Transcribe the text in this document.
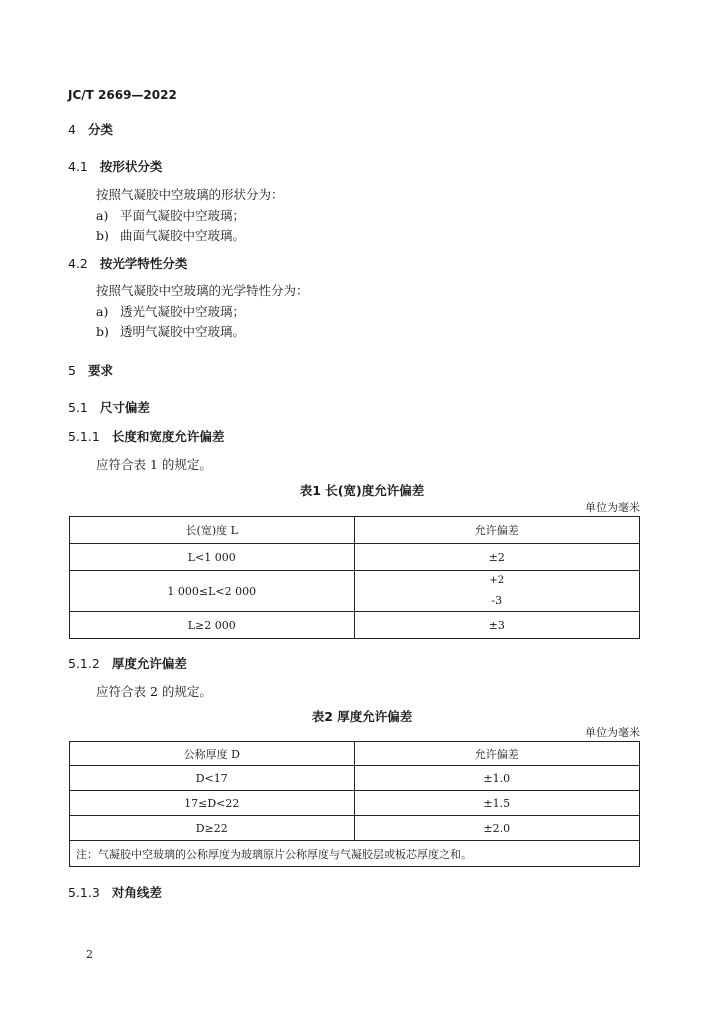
JC/T 2669—2022
4 分类
4.1 按形状分类
按照气凝胶中空玻璃的形状分为：
a) 平面气凝胶中空玻璃；
b) 曲面气凝胶中空玻璃。
4.2 按光学特性分类
按照气凝胶中空玻璃的光学特性分为：
a) 透光气凝胶中空玻璃；
b) 透明气凝胶中空玻璃。
5 要求
5.1 尺寸偏差
5.1.1 长度和宽度允许偏差
应符合表 1 的规定。
表1 长(宽)度允许偏差
单位为毫米
长(宽)度 L	允许偏差
L<1 000	±2
1 000≤L<2 000	+2
-3

L≥2 000	±3
5.1.2 厚度允许偏差
应符合表 2 的规定。
表2 厚度允许偏差
单位为毫米
公称厚度 D	允许偏差
D<17	±1.0
17≤D<22	±1.5
D≥22	±2.0
注：气凝胶中空玻璃的公称厚度为玻璃原片公称厚度与气凝胶层或板芯厚度之和。	
5.1.3 对角线差
2
